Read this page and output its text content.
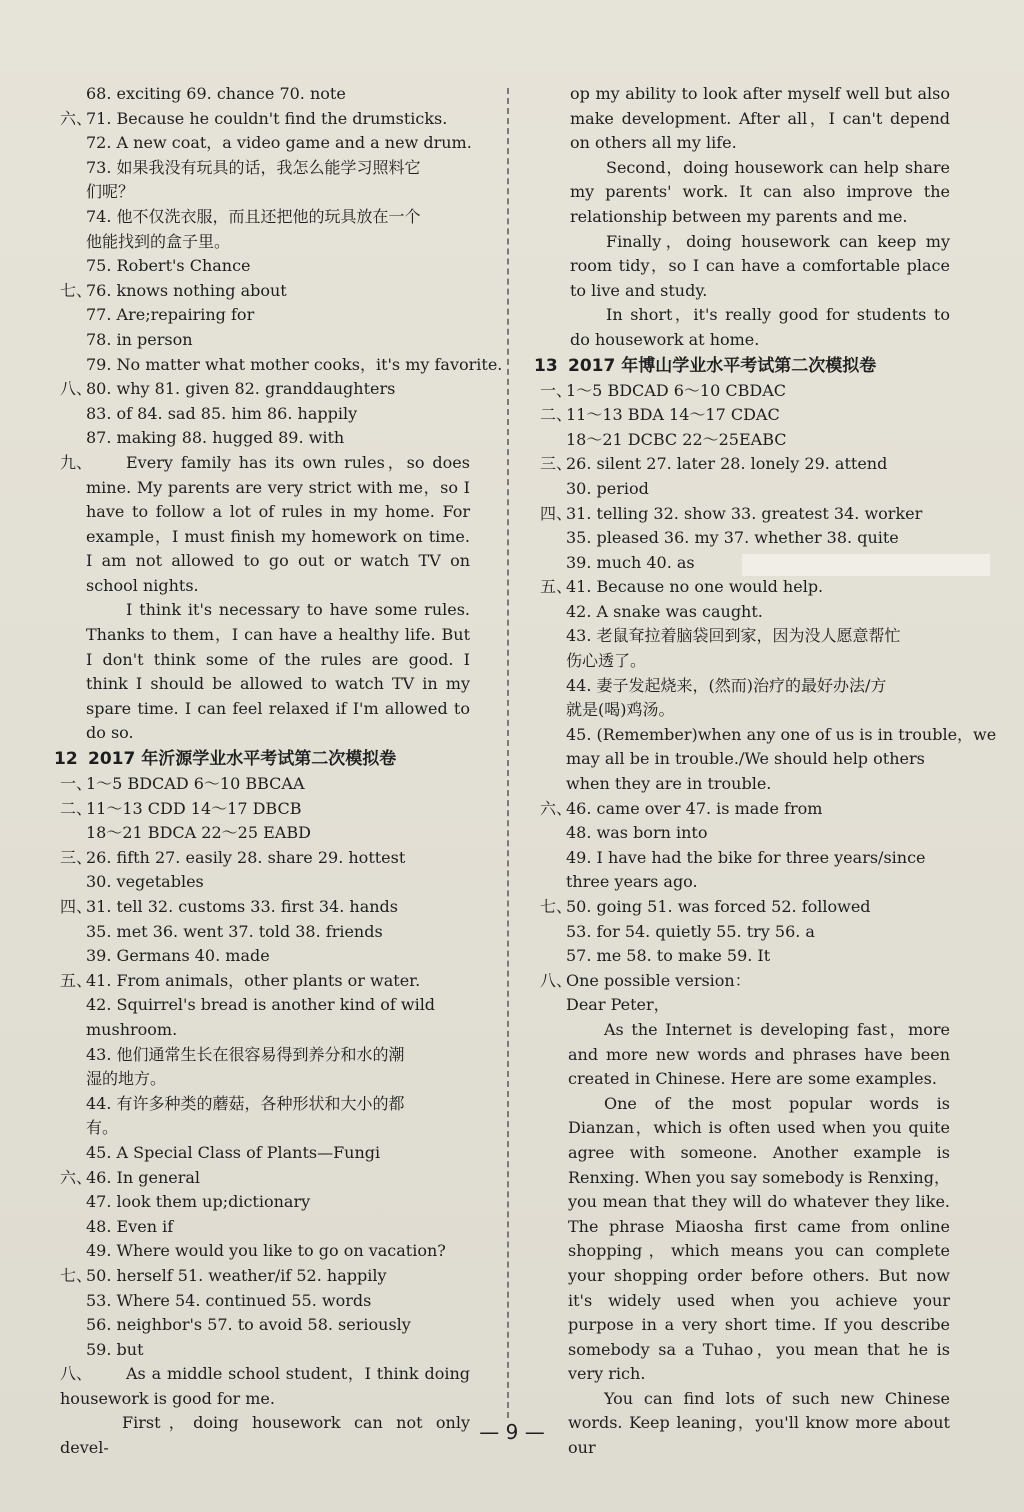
68. exciting 69. chance 70. note
六、
71. Because he couldn't find the drumsticks.
72. A new coat，a video game and a new drum.
73. 如果我没有玩具的话，我怎么能学习照料它
们呢？
74. 他不仅洗衣服，而且还把他的玩具放在一个
他能找到的盒子里。
75. Robert's Chance
七、
76. knows nothing about
77. Are;repairing for
78. in person
79. No matter what mother cooks，it's my favorite.
八、
80. why 81. given 82. granddaughters
83. of 84. sad 85. him 86. happily
87. making 88. hugged 89. with
九、	Every family has its own rules，so does mine. My parents are very strict with me，so I have to follow a lot of rules in my home. For example，I must finish my homework on time. I am not allowed to go out or watch TV on school nights.

I think it's necessary to have some rules. Thanks to them，I can have a healthy life. But I don't think some of the rules are good. I think I should be allowed to watch TV in my spare time. I can feel relaxed if I'm allowed to do so.

12 2017 年沂源学业水平考试第二次模拟卷
一、
1～5 BDCAD 6～10 BBCAA
二、
11～13 CDD 14～17 DBCB
18～21 BDCA 22～25 EABD
三、
26. fifth 27. easily 28. share 29. hottest
30. vegetables
四、
31. tell 32. customs 33. first 34. hands
35. met 36. went 37. told 38. friends
39. Germans 40. made
五、
41. From animals，other plants or water.
42. Squirrel's bread is another kind of wild
mushroom.
43. 他们通常生长在很容易得到养分和水的潮
湿的地方。
44. 有许多种类的蘑菇，各种形状和大小的都
有。
45. A Special Class of Plants—Fungi
六、
46. In general
47. look them up;dictionary
48. Even if
49. Where would you like to go on vacation?
七、
50. herself 51. weather/if 52. happily
53. Where 54. continued 55. words
56. neighbor's 57. to avoid 58. seriously
59. but
八、	As a middle school student，I think doing housework is good for me.

First，doing housework can not only devel-

op my ability to look after myself well but also make development. After all，I can't depend on others all my life.

Second，doing housework can help share my parents' work. It can also improve the relationship between my parents and me.

Finally，doing housework can keep my room tidy，so I can have a comfortable place to live and study.

In short，it's really good for students to do housework at home.

13 2017 年博山学业水平考试第二次模拟卷
一、
1～5 BDCAD 6～10 CBDAC
二、
11～13 BDA 14～17 CDAC
18～21 DCBC 22～25EABC
三、
26. silent 27. later 28. lonely 29. attend
30. period
四、
31. telling 32. show 33. greatest 34. worker
35. pleased 36. my 37. whether 38. quite
39. much 40. as
五、
41. Because no one would help.
42. A snake was caught.
43. 老鼠耷拉着脑袋回到家，因为没人愿意帮忙
伤心透了。
44. 妻子发起烧来，(然而)治疗的最好办法/方
就是(喝)鸡汤。
45. (Remember)when any one of us is in trouble，we
may all be in trouble./We should help others
when they are in trouble.
六、
46. came over 47. is made from
48. was born into
49. I have had the bike for three years/since
three years ago.
七、
50. going 51. was forced 52. followed
53. for 54. quietly 55. try 56. a
57. me 58. to make 59. It
八、
One possible version：
Dear Peter，

As the Internet is developing fast，more and more new words and phrases have been created in Chinese. Here are some examples.

One of the most popular words is Dianzan，which is often used when you quite agree with someone. Another example is Renxing. When you say somebody is Renxing，you mean that they will do whatever they like. The phrase Miaosha first came from online shopping，which means you can complete your shopping order before others. But now it's widely used when you achieve your purpose in a very short time. If you describe somebody sa a Tuhao，you mean that he is very rich.

You can find lots of such new Chinese words. Keep leaning，you'll know more about our

— 9 —
